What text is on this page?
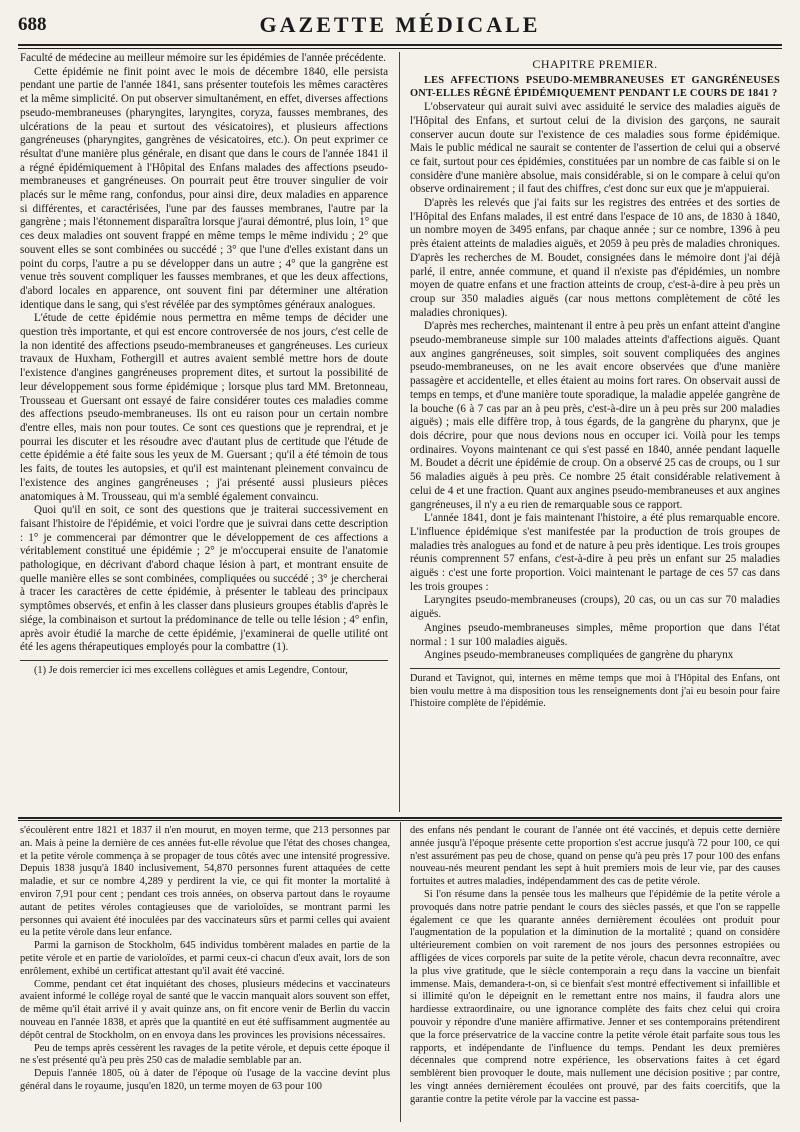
688	GAZETTE MÉDICALE

Faculté de médecine au meilleur mémoire sur les épidémies de l'année précédente.

Cette épidémie ne finit point avec le mois de décembre 1840, elle persista pendant une partie de l'année 1841, sans présenter toutefois les mêmes caractères et la même simplicité. On put observer simultanément, en effet, diverses affections pseudo-membraneuses (pharyngites, laryngites, coryza, fausses membranes, des ulcérations de la peau et surtout des vésicatoires), et plusieurs affections gangréneuses (pharyngites, gangrènes de vésicatoires, etc.). On peut exprimer ce résultat d'une manière plus générale, en disant que dans le cours de l'année 1841 il a régné épidémiquement à l'Hôpital des Enfans malades des affections pseudo-membraneuses et gangréneuses. On pourrait peut être trouver singulier de voir placés sur le même rang, confondus, pour ainsi dire, deux maladies en apparence si différentes, et caractérisées, l'une par des fausses membranes, l'autre par la gangrène ; mais l'étonnement disparaîtra lorsque j'aurai démontré, plus loin, 1° que ces deux maladies ont souvent frappé en même temps le même individu ; 2° que souvent elles se sont combinées ou succédé ; 3° que l'une d'elles existant dans un point du corps, l'autre a pu se développer dans un autre ; 4° que la gangrène est venue très souvent compliquer les fausses membranes, et que les deux affections, d'abord locales en apparence, ont souvent fini par déterminer une altération identique dans le sang, qui s'est révélée par des symptômes généraux analogues.

L'étude de cette épidémie nous permettra en même temps de décider une question très importante, et qui est encore controversée de nos jours, c'est celle de la non identité des affections pseudo-membraneuses et gangréneuses. Les curieux travaux de Huxham, Fothergill et autres avaient semblé mettre hors de doute l'existence d'angines gangréneuses proprement dites, et surtout la possibilité de leur développement sous forme épidémique ; lorsque plus tard MM. Bretonneau, Trousseau et Guersant ont essayé de faire considérer toutes ces maladies comme des affections pseudo-membraneuses. Ils ont eu raison pour un certain nombre d'entre elles, mais non pour toutes. Ce sont ces questions que je reprendrai, et je pourrai les discuter et les résoudre avec d'autant plus de certitude que l'étude de cette épidémie a été faite sous les yeux de M. Guersant ; qu'il a été témoin de tous les faits, de toutes les autopsies, et qu'il est maintenant pleinement convaincu de l'existence des angines gangréneuses ; j'ai présenté aussi plusieurs pièces anatomiques à M. Trousseau, qui m'a semblé également convaincu.

Quoi qu'il en soit, ce sont des questions que je traiterai successivement en faisant l'histoire de l'épidémie, et voici l'ordre que je suivrai dans cette description : 1° je commencerai par démontrer que le développement de ces affections a véritablement constitué une épidémie ; 2° je m'occuperai ensuite de l'anatomie pathologique, en décrivant d'abord chaque lésion à part, et montrant ensuite de quelle manière elles se sont combinées, compliquées ou succédé ; 3° je chercherai à tracer les caractères de cette épidémie, à présenter le tableau des principaux symptômes observés, et enfin à les classer dans plusieurs groupes établis d'après le siége, la combinaison et surtout la prédominance de telle ou telle lésion ; 4° enfin, après avoir étudié la marche de cette épidémie, j'examinerai de quelle utilité ont été les agens thérapeutiques employés pour la combattre (1).

(1) Je dois remercier ici mes excellens collègues et amis Legendre, Contour,

CHAPITRE PREMIER.

LES AFFECTIONS PSEUDO-MEMBRANEUSES ET GANGRÉNEUSES ONT-ELLES RÉGNÉ ÉPIDÉMIQUEMENT PENDANT LE COURS DE 1841 ?

L'observateur qui aurait suivi avec assiduité le service des maladies aiguës de l'Hôpital des Enfans, et surtout celui de la division des garçons, ne saurait conserver aucun doute sur l'existence de ces maladies sous forme épidémique. Mais le public médical ne saurait se contenter de l'assertion de celui qui a observé ce fait, surtout pour ces épidémies, constituées par un nombre de cas faible si on le considère d'une manière absolue, mais considérable, si on le compare à celui qu'on observe ordinairement ; il faut des chiffres, c'est donc sur eux que je m'appuierai.

D'après les relevés que j'ai faits sur les registres des entrées et des sorties de l'Hôpital des Enfans malades, il est entré dans l'espace de 10 ans, de 1830 à 1840, un nombre moyen de 3495 enfans, par chaque année ; sur ce nombre, 1396 à peu près étaient atteints de maladies aiguës, et 2059 à peu près de maladies chroniques. D'après les recherches de M. Boudet, consignées dans le mémoire dont j'ai déjà parlé, il entre, année commune, et quand il n'existe pas d'épidémies, un nombre moyen de quatre enfans et une fraction atteints de croup, c'est-à-dire à peu près un croup sur 350 maladies aiguës (car nous mettons complètement de côté les maladies chroniques).

D'après mes recherches, maintenant il entre à peu près un enfant atteint d'angine pseudo-membraneuse simple sur 100 malades atteints d'affections aiguës. Quant aux angines gangréneuses, soit simples, soit souvent compliquées des angines pseudo-membraneuses, on ne les avait encore observées que d'une manière passagère et accidentelle, et elles étaient au moins fort rares. On observait aussi de temps en temps, et d'une manière toute sporadique, la maladie appelée gangrène de la bouche (6 à 7 cas par an à peu près, c'est-à-dire un à peu près sur 200 maladies aiguës) ; mais elle diffère trop, à tous égards, de la gangrène du pharynx, que je dois décrire, pour que nous devions nous en occuper ici. Voilà pour les temps ordinaires. Voyons maintenant ce qui s'est passé en 1840, année pendant laquelle M. Boudet a décrit une épidémie de croup. On a observé 25 cas de croups, ou 1 sur 56 maladies aiguës à peu près. Ce nombre 25 était considérable relativement à celui de 4 et une fraction. Quant aux angines pseudo-membraneuses et aux angines gangréneuses, il n'y a eu rien de remarquable sous ce rapport.

L'année 1841, dont je fais maintenant l'histoire, a été plus remarquable encore. L'influence épidémique s'est manifestée par la production de trois groupes de maladies très analogues au fond et de nature à peu près identique. Les trois groupes réunis comprennent 57 enfans, c'est-à-dire à peu près un enfant sur 25 maladies aiguës : c'est une forte proportion. Voici maintenant le partage de ces 57 cas dans les trois groupes :

Laryngites pseudo-membraneuses (croups), 20 cas, ou un cas sur 70 maladies aiguës.

Angines pseudo-membraneuses simples, même proportion que dans l'état normal : 1 sur 100 maladies aiguës.

Angines pseudo-membraneuses compliquées de gangrène du pharynx

Durand et Tavignot, qui, internes en même temps que moi à l'Hôpital des Enfans, ont bien voulu mettre à ma disposition tous les renseignements dont j'ai eu besoin pour faire l'histoire complète de l'épidémie.

s'écoulèrent entre 1821 et 1837 il n'en mourut, en moyen terme, que 213 personnes par an. Mais à peine la dernière de ces années fut-elle révolue que l'état des choses changea, et la petite vérole commença à se propager de tous côtés avec une intensité progressive. Depuis 1838 jusqu'à 1840 inclusivement, 54,870 personnes furent attaquées de cette maladie, et sur ce nombre 4,289 y perdirent la vie, ce qui fit monter la mortalité à environ 7,91 pour cent ; pendant ces trois années, on observa partout dans le royaume autant de petites véroles contagieuses que de varioloïdes, se montrant parmi les personnes qui avaient été inoculées par des vaccinateurs sûrs et parmi celles qui avaient eu la petite vérole dans leur enfance.

Parmi la garnison de Stockholm, 645 individus tombèrent malades en partie de la petite vérole et en partie de varioloïdes, et parmi ceux-ci chacun d'eux avait, lors de son enrôlement, exhibé un certificat attestant qu'il avait été vacciné.

Comme, pendant cet état inquiétant des choses, plusieurs médecins et vaccinateurs avaient informé le collége royal de santé que le vaccin manquait alors souvent son effet, de même qu'il était arrivé il y avait quinze ans, on fit encore venir de Berlin du vaccin nouveau en l'année 1838, et après que la quantité en eut été suffisamment augmentée au dépôt central de Stockholm, on en envoya dans les provinces les provisions nécessaires.

Peu de temps après cessèrent les ravages de la petite vérole, et depuis cette époque il ne s'est présenté qu'à peu près 250 cas de maladie semblable par an.

Depuis l'année 1805, où à dater de l'époque où l'usage de la vaccine devint plus général dans le royaume, jusqu'en 1820, un terme moyen de 63 pour 100

des enfans nés pendant le courant de l'année ont été vaccinés, et depuis cette dernière année jusqu'à l'époque présente cette proportion s'est accrue jusqu'à 72 pour 100, ce qui n'est assurément pas peu de chose, quand on pense qu'à peu près 17 pour 100 des enfans nouveau-nés meurent pendant les sept à huit premiers mois de leur vie, par des causes fortuites et autres maladies, indépendamment des cas de petite vérole.

Si l'on résume dans la pensée tous les malheurs que l'épidémie de la petite vérole a provoqués dans notre patrie pendant le cours des siècles passés, et que l'on se rappelle également ce que les quarante années dernièrement écoulées ont produit pour l'augmentation de la population et la diminution de la mortalité ; quand on considère ultérieurement combien on voit rarement de nos jours des personnes estropiées ou affligées de vices corporels par suite de la petite vérole, chacun devra reconnaître, avec la plus vive gratitude, que le siècle contemporain a reçu dans la vaccine un bienfait immense. Mais, demandera-t-on, si ce bienfait s'est montré effectivement si infaillible et si illimité qu'on le dépeignit en le remettant entre nos mains, il faudra alors une hardiesse extraordinaire, ou une ignorance complète des faits chez celui qui croira pouvoir y répondre d'une manière affirmative. Jenner et ses contemporains prétendirent que la force préservatrice de la vaccine contre la petite vérole était parfaite sous tous les rapports, et indépendante de l'influence du temps. Pendant les deux premières décennales que comprend notre expérience, les observations faites à cet égard semblèrent bien provoquer le doute, mais nullement une décision positive ; par contre, les vingt années dernièrement écoulées ont prouvé, par des faits coercitifs, que la garantie contre la petite vérole par la vaccine est passa-
